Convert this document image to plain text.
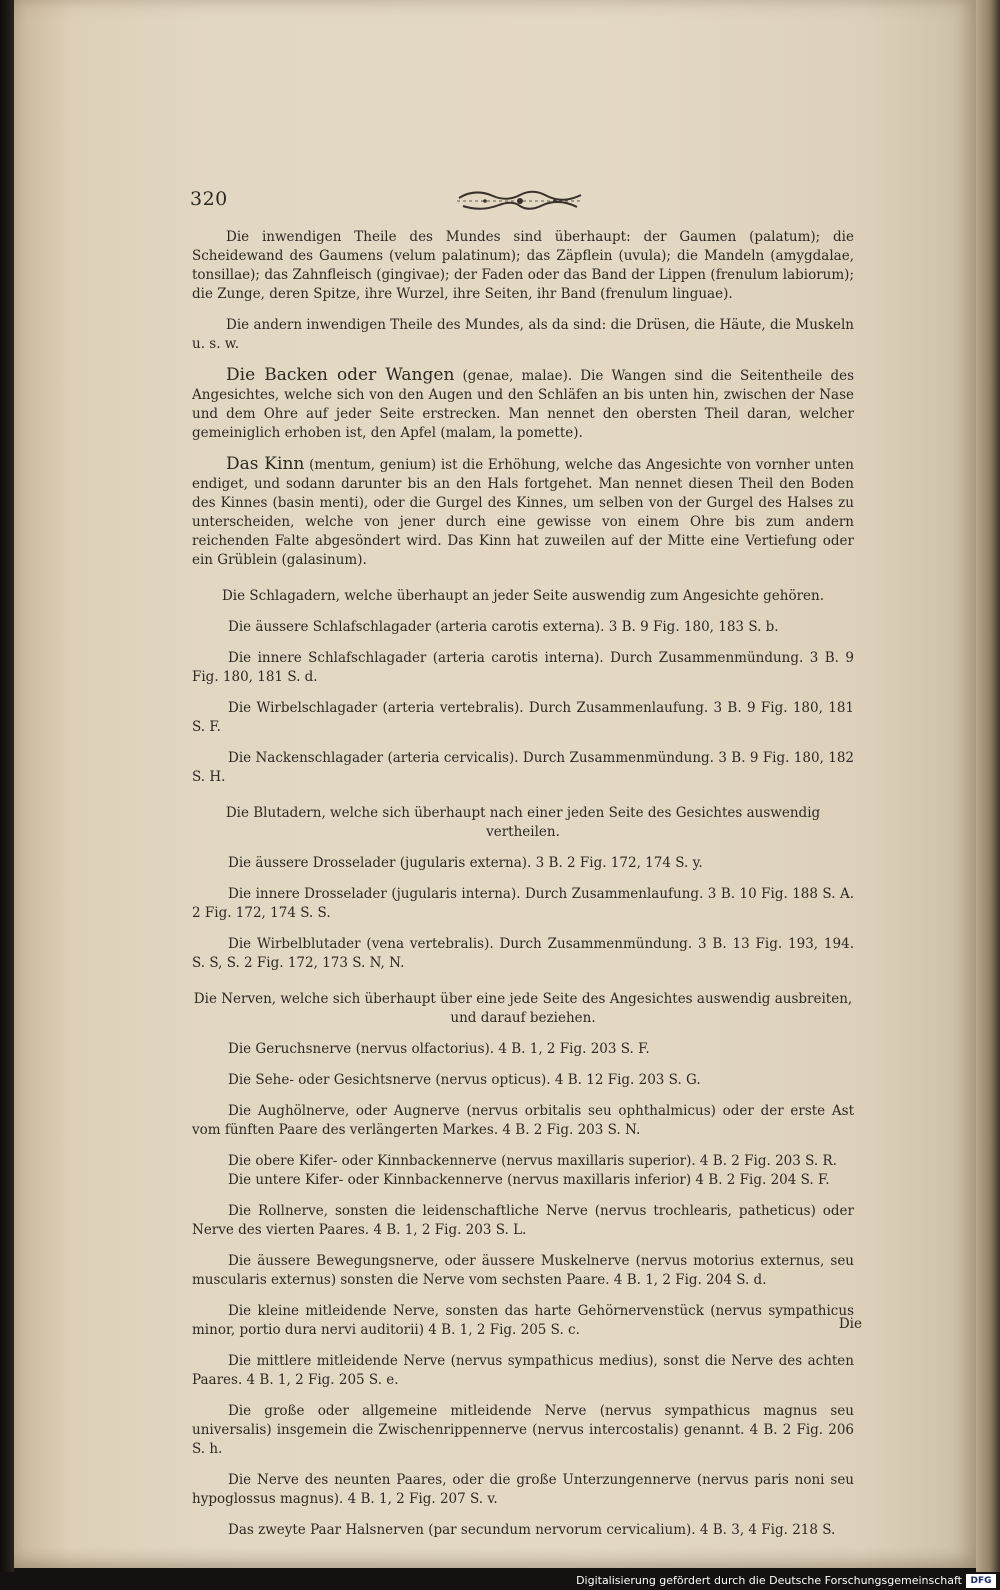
320

Die inwendigen Theile des Mundes sind überhaupt: der Gaumen (palatum); die Scheidewand des Gaumens (velum palatinum); das Zäpflein (uvula); die Mandeln (amygdalae, tonsillae); das Zahnfleisch (gingivae); der Faden oder das Band der Lippen (frenulum labiorum); die Zunge, deren Spitze, ihre Wurzel, ihre Seiten, ihr Band (frenulum linguae).

Die andern inwendigen Theile des Mundes, als da sind: die Drüsen, die Häute, die Muskeln u. s. w.

Die Backen oder Wangen (genae, malae). Die Wangen sind die Seitentheile des Angesichtes, welche sich von den Augen und den Schläfen an bis unten hin, zwischen der Nase und dem Ohre auf jeder Seite erstrecken. Man nennet den obersten Theil daran, welcher gemeiniglich erhoben ist, den Apfel (malam, la pomette).

Das Kinn (mentum, genium) ist die Erhöhung, welche das Angesichte von vornher unten endiget, und sodann darunter bis an den Hals fortgehet. Man nennet diesen Theil den Boden des Kinnes (basin menti), oder die Gurgel des Kinnes, um selben von der Gurgel des Halses zu unterscheiden, welche von jener durch eine gewisse von einem Ohre bis zum andern reichenden Falte abgesöndert wird. Das Kinn hat zuweilen auf der Mitte eine Vertiefung oder ein Grüblein (galasinum).

Die Schlagadern, welche überhaupt an jeder Seite auswendig zum Angesichte gehören.

Die äussere Schlafschlagader (arteria carotis externa). 3 B. 9 Fig. 180, 183 S. b.

Die innere Schlafschlagader (arteria carotis interna). Durch Zusammenmündung. 3 B. 9 Fig. 180, 181 S. d.

Die Wirbelschlagader (arteria vertebralis). Durch Zusammenlaufung. 3 B. 9 Fig. 180, 181 S. F.

Die Nackenschlagader (arteria cervicalis). Durch Zusammenmündung. 3 B. 9 Fig. 180, 182 S. H.

Die Blutadern, welche sich überhaupt nach einer jeden Seite des Gesichtes auswendig vertheilen.

Die äussere Drosselader (jugularis externa). 3 B. 2 Fig. 172, 174 S. y.

Die innere Drosselader (jugularis interna). Durch Zusammenlaufung. 3 B. 10 Fig. 188 S. A. 2 Fig. 172, 174 S. S.

Die Wirbelblutader (vena vertebralis). Durch Zusammenmündung. 3 B. 13 Fig. 193, 194. S. S, S. 2 Fig. 172, 173 S. N, N.

Die Nerven, welche sich überhaupt über eine jede Seite des Angesichtes auswendig ausbreiten, und darauf beziehen.

Die Geruchsnerve (nervus olfactorius). 4 B. 1, 2 Fig. 203 S. F.

Die Sehe- oder Gesichtsnerve (nervus opticus). 4 B. 12 Fig. 203 S. G.

Die Aughölnerve, oder Augnerve (nervus orbitalis seu ophthalmicus) oder der erste Ast vom fünften Paare des verlängerten Markes. 4 B. 2 Fig. 203 S. N.

Die obere Kifer- oder Kinnbackennerve (nervus maxillaris superior). 4 B. 2 Fig. 203 S. R.

Die untere Kifer- oder Kinnbackennerve (nervus maxillaris inferior) 4 B. 2 Fig. 204 S. F.

Die Rollnerve, sonsten die leidenschaftliche Nerve (nervus trochlearis, patheticus) oder Nerve des vierten Paares. 4 B. 1, 2 Fig. 203 S. L.

Die äussere Bewegungsnerve, oder äussere Muskelnerve (nervus motorius externus, seu muscularis externus) sonsten die Nerve vom sechsten Paare. 4 B. 1, 2 Fig. 204 S. d.

Die kleine mitleidende Nerve, sonsten das harte Gehörnervenstück (nervus sympathicus minor, portio dura nervi auditorii) 4 B. 1, 2 Fig. 205 S. c.

Die mittlere mitleidende Nerve (nervus sympathicus medius), sonst die Nerve des achten Paares. 4 B. 1, 2 Fig. 205 S. e.

Die große oder allgemeine mitleidende Nerve (nervus sympathicus magnus seu universalis) insgemein die Zwischenrippennerve (nervus intercostalis) genannt. 4 B. 2 Fig. 206 S. h.

Die Nerve des neunten Paares, oder die große Unterzungennerve (nervus paris noni seu hypoglossus magnus). 4 B. 1, 2 Fig. 207 S. v.

Das zweyte Paar Halsnerven (par secundum nervorum cervicalium). 4 B. 3, 4 Fig. 218 S.

Die
Digitalisierung gefördert durch die Deutsche Forschungsgemeinschaft DFG
